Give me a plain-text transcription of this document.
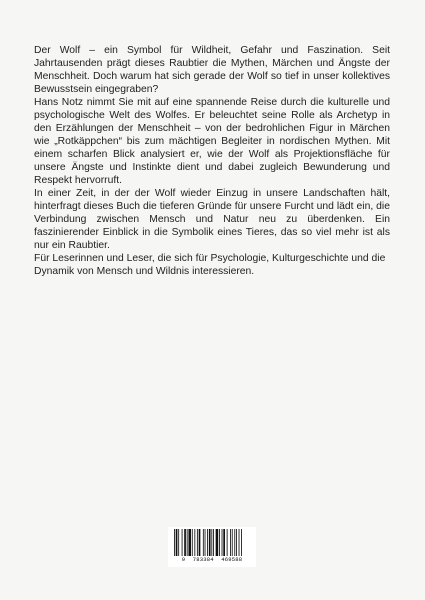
Der Wolf – ein Symbol für Wildheit, Gefahr und Faszination. Seit Jahrtausenden prägt dieses Raubtier die Mythen, Märchen und Ängste der Menschheit. Doch warum hat sich gerade der Wolf so tief in unser kollektives Bewusstsein eingegraben?

Hans Notz nimmt Sie mit auf eine spannende Reise durch die kulturelle und psychologische Welt des Wolfes. Er beleuchtet seine Rolle als Archetyp in den Erzählungen der Menschheit – von der bedrohlichen Figur in Märchen wie „Rotkäppchen“ bis zum mächtigen Begleiter in nordischen Mythen. Mit einem scharfen Blick analysiert er, wie der Wolf als Projektionsfläche für unsere Ängste und Instinkte dient und dabei zugleich Bewunderung und Respekt hervorruft.

In einer Zeit, in der der Wolf wieder Einzug in unsere Landschaften hält, hinterfragt dieses Buch die tieferen Gründe für unsere Furcht und lädt ein, die Verbindung zwischen Mensch und Natur neu zu überdenken. Ein faszinierender Einblick in die Symbolik eines Tieres, das so viel mehr ist als nur ein Raubtier.

Für Leserinnen und Leser, die sich für Psychologie, Kulturgeschichte und die Dynamik von Mensch und Wildnis interessieren.

9 783384 469588
